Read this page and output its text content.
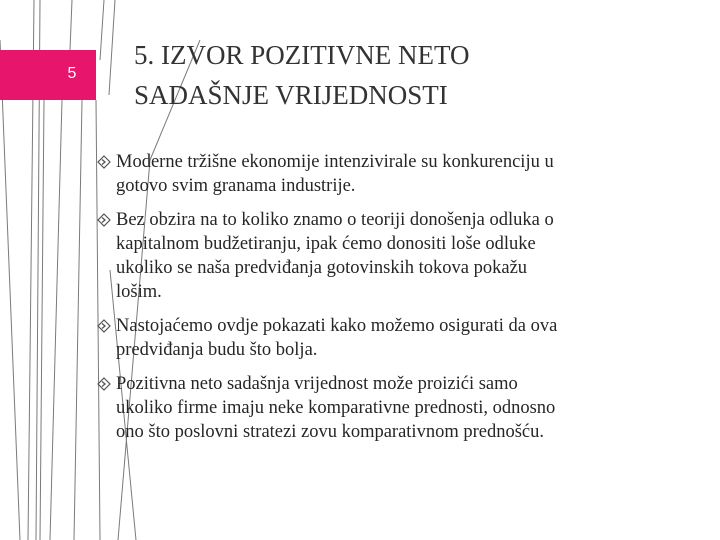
5
5. IZVOR POZITIVNE NETO
SADAŠNJE VRIJEDNOSTI
Moderne tržišne ekonomije intenzivirale su konkurenciju u
gotovo svim granama industrije.
Bez obzira na to koliko znamo o teoriji donošenja odluka o
kapitalnom budžetiranju, ipak ćemo donositi loše odluke
ukoliko se naša predviđanja gotovinskih tokova pokažu
lošim.
Nastojaćemo ovdje pokazati kako možemo osigurati da ova
predviđanja budu što bolja.
Pozitivna neto sadašnja vrijednost može proizići samo
ukoliko firme imaju neke komparativne prednosti, odnosno
ono što poslovni stratezi zovu komparativnom prednošću.
